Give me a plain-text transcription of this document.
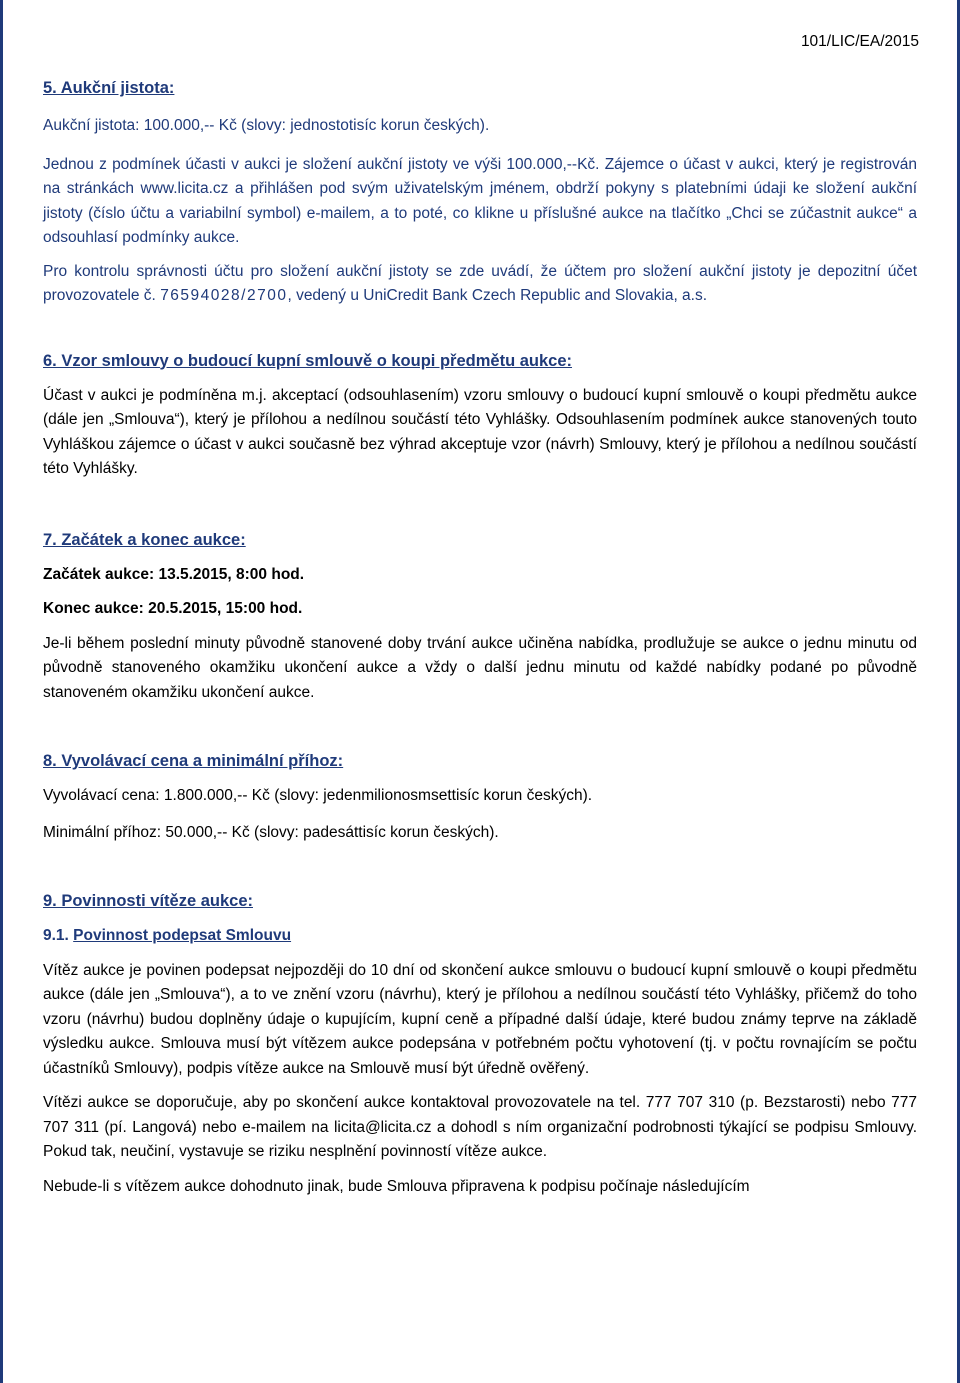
101/LIC/EA/2015
5. Aukční jistota:

Aukční jistota: 100.000,-- Kč (slovy: jednostotisíc korun českých).

Jednou z podmínek účasti v aukci je složení aukční jistoty ve výši 100.000,--Kč. Zájemce o účast v aukci, který je registrován na stránkách www.licita.cz a přihlášen pod svým uživatelským jménem, obdrží pokyny s platebními údaji ke složení aukční jistoty (číslo účtu a variabilní symbol) e-mailem, a to poté, co klikne u příslušné aukce na tlačítko „Chci se zúčastnit aukce“ a odsouhlasí podmínky aukce.

Pro kontrolu správnosti účtu pro složení aukční jistoty se zde uvádí, že účtem pro složení aukční jistoty je depozitní účet provozovatele č. 76594028/2700, vedený u UniCredit Bank Czech Republic and Slovakia, a.s.

6. Vzor smlouvy o budoucí kupní smlouvě o koupi předmětu aukce:

Účast v aukci je podmíněna m.j. akceptací (odsouhlasením) vzoru smlouvy o budoucí kupní smlouvě o koupi předmětu aukce (dále jen „Smlouva“), který je přílohou a nedílnou součástí této Vyhlášky. Odsouhlasením podmínek aukce stanovených touto Vyhláškou zájemce o účast v aukci současně bez výhrad akceptuje vzor (návrh) Smlouvy, který je přílohou a nedílnou součástí této Vyhlášky.

7. Začátek a konec aukce:

Začátek aukce: 13.5.2015, 8:00 hod.

Konec aukce: 20.5.2015, 15:00 hod.

Je-li během poslední minuty původně stanovené doby trvání aukce učiněna nabídka, prodlužuje se aukce o jednu minutu od původně stanoveného okamžiku ukončení aukce a vždy o další jednu minutu od každé nabídky podané po původně stanoveném okamžiku ukončení aukce.

8. Vyvolávací cena a minimální příhoz:

Vyvolávací cena: 1.800.000,-- Kč (slovy: jedenmilionosmsettisíc korun českých).

Minimální příhoz: 50.000,-- Kč (slovy: padesáttisíc korun českých).

9. Povinnosti vítěze aukce:

9.1. Povinnost podepsat Smlouvu

Vítěz aukce je povinen podepsat nejpozději do 10 dní od skončení aukce smlouvu o budoucí kupní smlouvě o koupi předmětu aukce (dále jen „Smlouva“), a to ve znění vzoru (návrhu), který je přílohou a nedílnou součástí této Vyhlášky, přičemž do toho vzoru (návrhu) budou doplněny údaje o kupujícím, kupní ceně a případné další údaje, které budou známy teprve na základě výsledku aukce. Smlouva musí být vítězem aukce podepsána v potřebném počtu vyhotovení (tj. v počtu rovnajícím se počtu účastníků Smlouvy), podpis vítěze aukce na Smlouvě musí být úředně ověřený.

Vítězi aukce se doporučuje, aby po skončení aukce kontaktoval provozovatele na tel. 777 707 310 (p. Bezstarosti) nebo 777 707 311 (pí. Langová) nebo e-mailem na licita@licita.cz a dohodl s ním organizační podrobnosti týkající se podpisu Smlouvy. Pokud tak, neučiní, vystavuje se riziku nesplnění povinností vítěze aukce.

Nebude-li s vítězem aukce dohodnuto jinak, bude Smlouva připravena k podpisu počínaje následujícím
